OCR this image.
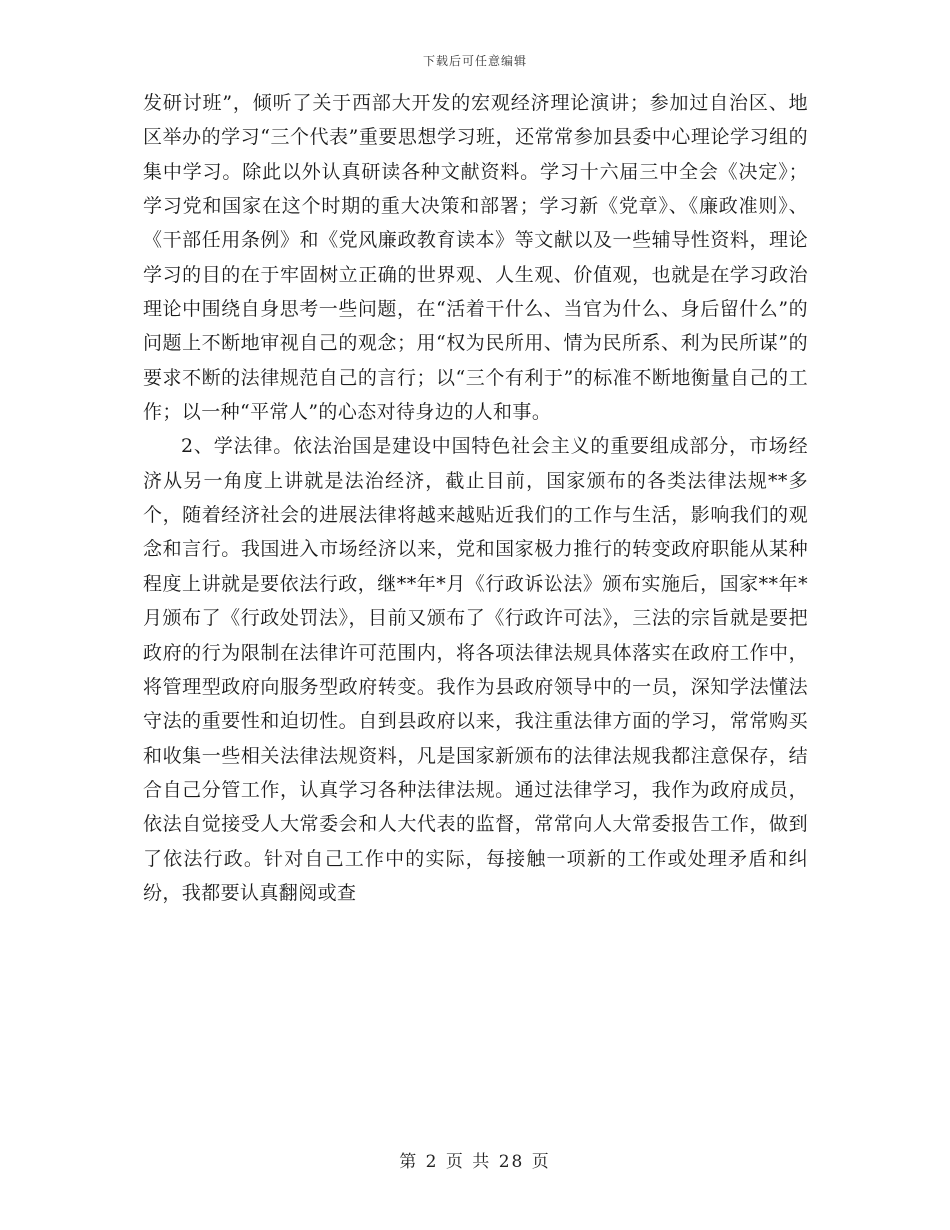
下载后可任意编辑

发研讨班”，倾听了关于西部大开发的宏观经济理论演讲；参加过自治区、地区举办的学习“三个代表”重要思想学习班，还常常参加县委中心理论学习组的集中学习。除此以外认真研读各种文献资料。学习十六届三中全会《决定》；学习党和国家在这个时期的重大决策和部署；学习新《党章》、《廉政准则》、《干部任用条例》和《党风廉政教育读本》等文献以及一些辅导性资料，理论学习的目的在于牢固树立正确的世界观、人生观、价值观，也就是在学习政治理论中围绕自身思考一些问题，在“活着干什么、当官为什么、身后留什么”的问题上不断地审视自己的观念；用“权为民所用、情为民所系、利为民所谋”的要求不断的法律规范自己的言行；以“三个有利于”的标准不断地衡量自己的工作；以一种“平常人”的心态对待身边的人和事。

2、学法律。依法治国是建设中国特色社会主义的重要组成部分，市场经济从另一角度上讲就是法治经济，截止目前，国家颁布的各类法律法规**多个，随着经济社会的进展法律将越来越贴近我们的工作与生活，影响我们的观念和言行。我国进入市场经济以来，党和国家极力推行的转变政府职能从某种程度上讲就是要依法行政，继**年*月《行政诉讼法》颁布实施后，国家**年*月颁布了《行政处罚法》，目前又颁布了《行政许可法》，三法的宗旨就是要把政府的行为限制在法律许可范围内，将各项法律法规具体落实在政府工作中，将管理型政府向服务型政府转变。我作为县政府领导中的一员，深知学法懂法守法的重要性和迫切性。自到县政府以来，我注重法律方面的学习，常常购买和收集一些相关法律法规资料，凡是国家新颁布的法律法规我都注意保存，结合自己分管工作，认真学习各种法律法规。通过法律学习，我作为政府成员，依法自觉接受人大常委会和人大代表的监督，常常向人大常委报告工作，做到了依法行政。针对自己工作中的实际，每接触一项新的工作或处理矛盾和纠纷，我都要认真翻阅或查

第 2 页 共 28 页
